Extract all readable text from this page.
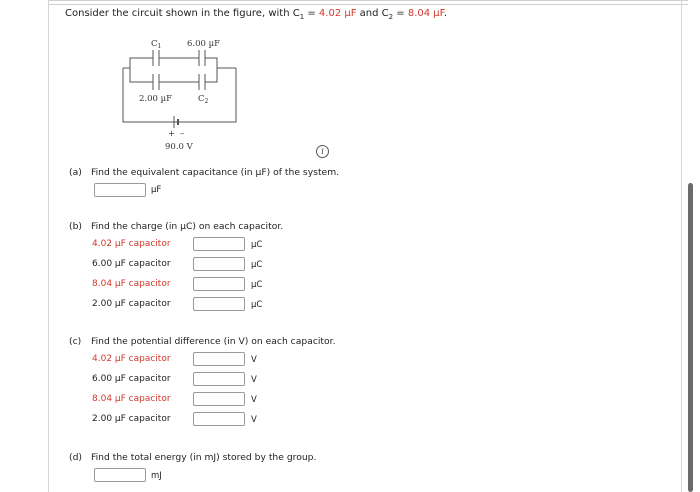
Consider the circuit shown in the figure, with $C_1 = 4.02$ µF and $C_2 = 8.04$ µF.
+ –
90.0 V
$C_1$	6.00 µF
2.00 µF	$C_2$
i
(a) Find the equivalent capacitance (in µF) of the system.
µF
(b) Find the charge (in µC) on each capacitor.
4.02 µF capacitor	µC
6.00 µF capacitor	µC
8.04 µF capacitor	µC
2.00 µF capacitor	µC
(c) Find the potential difference (in V) on each capacitor.
4.02 µF capacitor	V
6.00 µF capacitor	V
8.04 µF capacitor	V
2.00 µF capacitor	V
(d) Find the total energy (in mJ) stored by the group.
mJ
